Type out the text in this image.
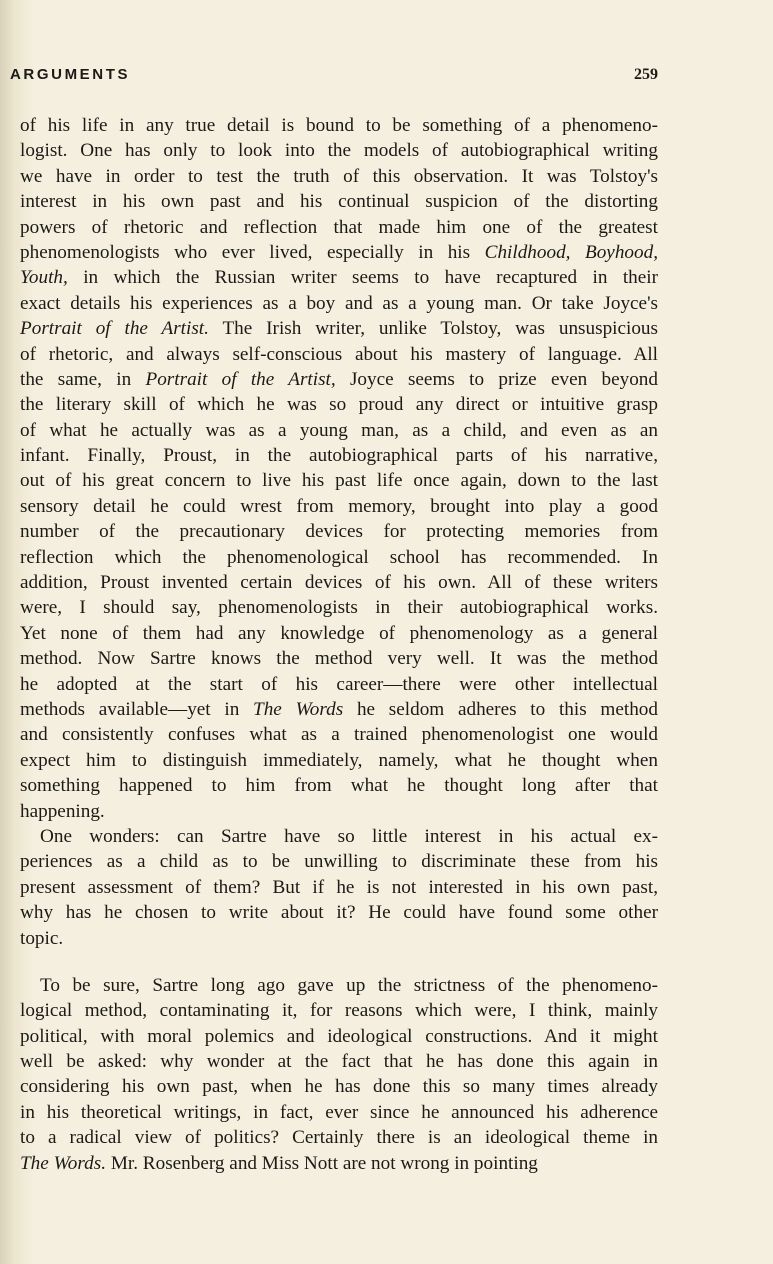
ARGUMENTS	259
of his life in any true detail is bound to be something of a phenomeno-
logist. One has only to look into the models of autobiographical writing
we have in order to test the truth of this observation. It was Tolstoy's
interest in his own past and his continual suspicion of the distorting
powers of rhetoric and reflection that made him one of the greatest
phenomenologists who ever lived, especially in his Childhood, Boyhood,
Youth, in which the Russian writer seems to have recaptured in their
exact details his experiences as a boy and as a young man. Or take Joyce's
Portrait of the Artist. The Irish writer, unlike Tolstoy, was unsuspicious
of rhetoric, and always self-conscious about his mastery of language. All
the same, in Portrait of the Artist, Joyce seems to prize even beyond
the literary skill of which he was so proud any direct or intuitive grasp
of what he actually was as a young man, as a child, and even as an
infant. Finally, Proust, in the autobiographical parts of his narrative,
out of his great concern to live his past life once again, down to the last
sensory detail he could wrest from memory, brought into play a good
number of the precautionary devices for protecting memories from
reflection which the phenomenological school has recommended. In
addition, Proust invented certain devices of his own. All of these writers
were, I should say, phenomenologists in their autobiographical works.
Yet none of them had any knowledge of phenomenology as a general
method. Now Sartre knows the method very well. It was the method
he adopted at the start of his career—there were other intellectual
methods available—yet in The Words he seldom adheres to this method
and consistently confuses what as a trained phenomenologist one would
expect him to distinguish immediately, namely, what he thought when
something happened to him from what he thought long after that
happening.
One wonders: can Sartre have so little interest in his actual ex-
periences as a child as to be unwilling to discriminate these from his
present assessment of them? But if he is not interested in his own past,
why has he chosen to write about it? He could have found some other
topic.
To be sure, Sartre long ago gave up the strictness of the phenomeno-
logical method, contaminating it, for reasons which were, I think, mainly
political, with moral polemics and ideological constructions. And it might
well be asked: why wonder at the fact that he has done this again in
considering his own past, when he has done this so many times already
in his theoretical writings, in fact, ever since he announced his adherence
to a radical view of politics? Certainly there is an ideological theme in
The Words. Mr. Rosenberg and Miss Nott are not wrong in pointing
